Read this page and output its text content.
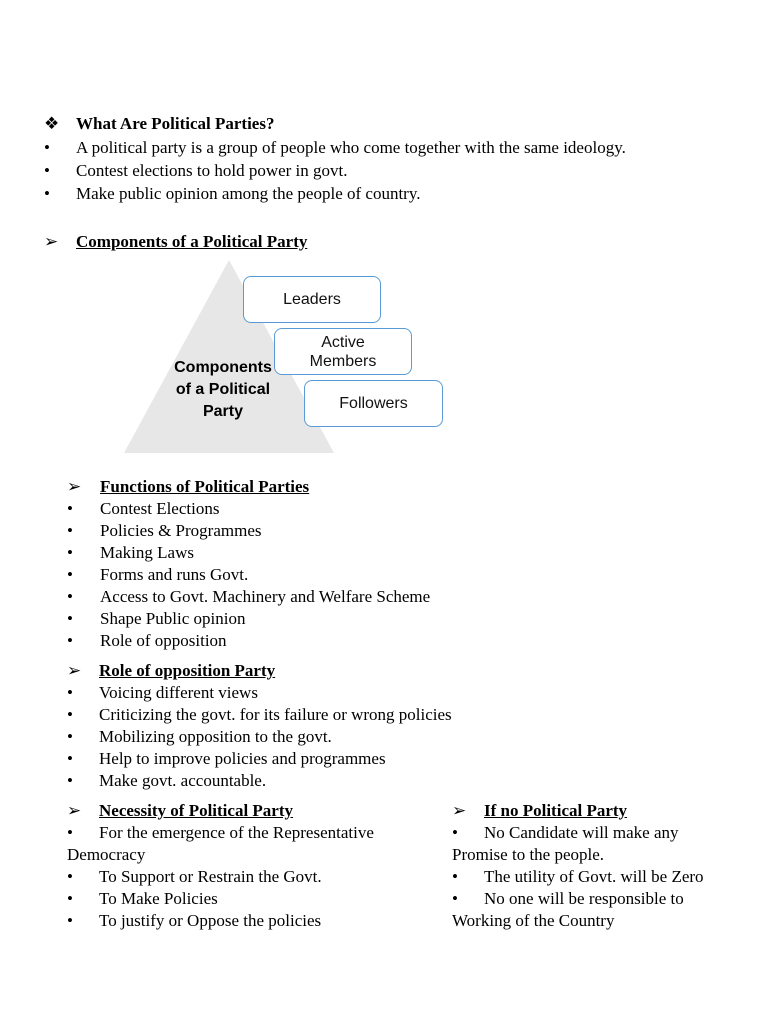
❖ What Are Political Parties?
• A political party is a group of people who come together with the same ideology.
• Contest elections to hold power in govt.
• Make public opinion among the people of country.
➢ Components of a Political Party
Components
of a Political
Party
Leaders
Active
Members
Followers
➢ Functions of Political Parties
• Contest Elections
• Policies & Programmes
• Making Laws
• Forms and runs Govt.
• Access to Govt. Machinery and Welfare Scheme
• Shape Public opinion
• Role of opposition
➢ Role of opposition Party
• Voicing different views
• Criticizing the govt. for its failure or wrong policies
• Mobilizing opposition to the govt.
• Help to improve policies and programmes
• Make govt. accountable.
➢ Necessity of Political Party
• For the emergence of the Representative
Democracy
• To Support or Restrain the Govt.
• To Make Policies
• To justify or Oppose the policies
➢ If no Political Party
• No Candidate will make any
Promise to the people.
• The utility of Govt. will be Zero
• No one will be responsible to
Working of the Country
